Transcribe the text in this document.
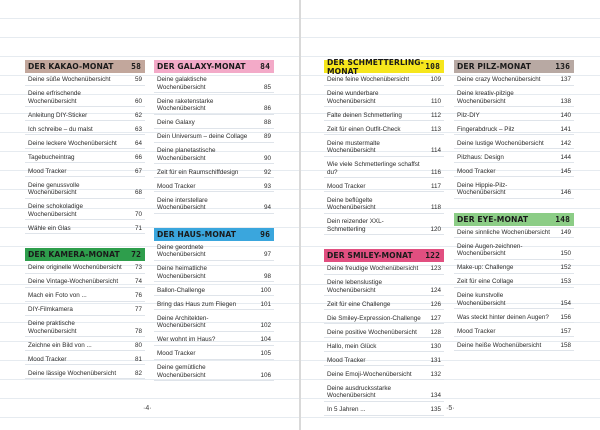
DER KAKAO-MONAT 58
Deine süße Wochenübersicht	59
Deine erfrischende Wochenübersicht	60
Anleitung DIY-Sticker	62
Ich schreibe – du malst	63
Deine leckere Wochenübersicht	64
Tagebucheintrag	66
Mood Tracker	67
Deine genussvolle Wochenübersicht	68
Deine schokoladige Wochenübersicht	70
Wähle ein Glas	71
DER KAMERA-MONAT 72
Deine originelle Wochenübersicht	73
Deine Vintage-Wochenübersicht	74
Mach ein Foto von ...	76
DIY-Filmkamera	77
Deine praktische Wochenübersicht	78
Zeichne ein Bild von ...	80
Mood Tracker	81
Deine lässige Wochenübersicht	82
DER GALAXY-MONAT 84
Deine galaktische Wochenübersicht	85
Deine raketenstarke Wochenübersicht	86
Deine Galaxy	88
Dein Universum – deine Collage	89
Deine planetastische Wochenübersicht	90
Zeit für ein Raumschiffdesign	92
Mood Tracker	93
Deine interstellare Wochenübersicht	94
DER HAUS-MONAT	96
Deine geordnete Wochenübersicht	97
Deine heimatliche Wochenübersicht	98
Ballon-Challenge	100
Bring das Haus zum Fliegen	101
Deine Architekten-Wochenübersicht	102
Wer wohnt im Haus?	104
Mood Tracker	105
Deine gemütliche Wochenübersicht	106
DER SCHMETTERLING-MONAT	108
Deine feine Wochenübersicht	109
Deine wunderbare Wochenübersicht	110
Falte deinen Schmetterling	112
Zeit für einen Outfit-Check	113
Deine mustermalte Wochenübersicht	114
Wie viele Schmetterlinge schaffst du?	116
Mood Tracker	117
Deine beflügelte Wochenübersicht	118
Dein reizender XXL-Schmetterling	120
DER SMILEY-MONAT 122
Deine freudige Wochenübersicht	123
Deine lebenslustige Wochenübersicht	124
Zeit für eine Challenge	126
Die Smiley-Expression-Challenge	127
Deine positive Wochenübersicht	128
Hallo, mein Glück	130
Mood Tracker	131
Deine Emoji-Wochenübersicht	132
Deine ausdrucksstarke Wochenübersicht	134
In 5 Jahren ...	135
DER PILZ-MONAT	136
Deine crazy Wochenübersicht	137
Deine kreativ-pilzige Wochenübersicht	138
Pilz-DIY	140
Fingerabdruck – Pilz	141
Deine lustige Wochenübersicht	142
Pilzhaus: Design	144
Mood Tracker	145
Deine Hippie-Pilz-Wochenübersicht	146
DER EYE-MONAT	148
Deine sinnliche Wochenübersicht	149
Deine Augen-zeichnen-Wochenübersicht	150
Make-up: Challenge	152
Zeit für eine Collage	153
Deine kunstvolle Wochenübersicht	154
Was steckt hinter deinen Augen?	156
Mood Tracker	157
Deine heiße Wochenübersicht	158
·4·	·5·
